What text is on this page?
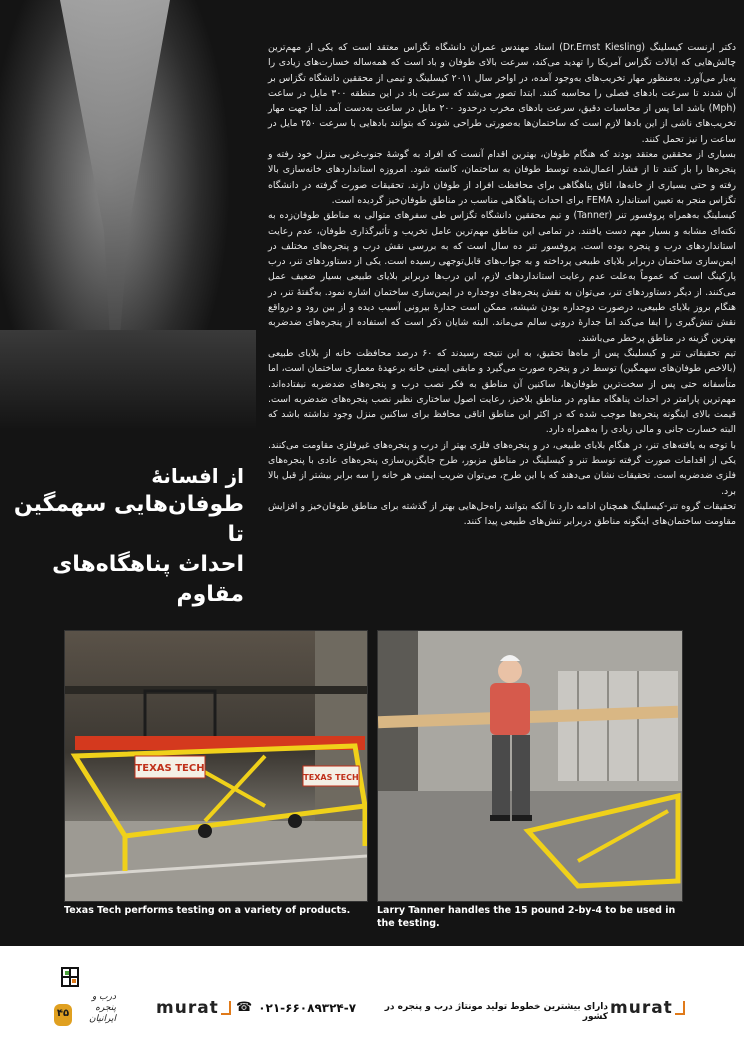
از افسانهٔ
طوفان‌هایی سهمگین تا
احداث پناهگاه‌های مقاوم

دکتر ارنست کیسلینگ (Dr.Ernst Kiesling) استاد مهندس عمران دانشگاه تگزاس معتقد است که یکی از مهم‌ترین چالش‌هایی که ایالات تگزاس آمریکا را تهدید می‌کند، سرعت بالای طوفان و باد است که همه‌ساله خسارت‌های زیادی را به‌بار می‌آورد. به‌منظور مهار تخریب‌های به‌وجود آمده، در اواخر سال ۲۰۱۱ کیسلینگ و تیمی از محققین دانشگاه تگزاس بر آن شدند تا سرعت بادهای فصلی را محاسبه کنند. ابتدا تصور می‌شد که سرعت باد در این منطقه ۳۰۰ مایل در ساعت (Mph) باشد اما پس از محاسبات دقیق، سرعت بادهای مخرب درحدود ۲۰۰ مایل در ساعت به‌دست آمد. لذا جهت مهار تخریب‌های ناشی از این بادها لازم است که ساختمان‌ها به‌صورتی طراحی شوند که بتوانند بادهایی با سرعت ۲۵۰ مایل در ساعت را نیز تحمل کنند.

بسیاری از محققین معتقد بودند که هنگام طوفان، بهترین اقدام آنست که افراد به گوشهٔ جنوب‌غربی منزل خود رفته و پنجره‌ها را باز کنند تا از فشار اعمال‌شده توسط طوفان به ساختمان، کاسته شود. امروزه استانداردهای خانه‌سازی بالا رفته و حتی بسیاری از خانه‌ها، اتاق پناهگاهی برای محافظت افراد از طوفان دارند. تحقیقات صورت گرفته در دانشگاه تگزاس منجر به تعیین استاندارد FEMA برای احداث پناهگاهی مناسب در مناطق طوفان‌خیز گردیده است.

کیسلینگ به‌همراه پروفسور تنر (Tanner) و تیم محققین دانشگاه تگزاس طی سفرهای متوالی به مناطق طوفان‌زده به نکته‌ای مشابه و بسیار مهم دست یافتند. در تمامی این مناطق مهم‌ترین عامل تخریب و تأثیرگذاری طوفان، عدم رعایت استانداردهای درب و پنجره بوده است. پروفسور تنر ده سال است که به بررسی نقش درب و پنجره‌های مختلف در ایمن‌سازی ساختمان دربرابر بلایای طبیعی پرداخته و به جواب‌های قابل‌توجهی رسیده است. یکی از دستاوردهای تنر، درب پارکینگ است که عموماً به‌علت عدم رعایت استانداردهای لازم، این درب‌ها دربرابر بلایای طبیعی بسیار ضعیف عمل می‌کنند. از دیگر دستاوردهای تنر، می‌توان به نقش پنجره‌های دوجداره در ایمن‌سازی ساختمان اشاره نمود. به‌گفتهٔ تنر، در هنگام بروز بلایای طبیعی، درصورت دوجداره بودن شیشه، ممکن است جدارهٔ بیرونی آسیب دیده و از بین رود و درواقع نقش تنش‌گیری را ایفا می‌کند اما جدارهٔ درونی سالم می‌ماند. البته شایان ذکر است که استفاده از پنجره‌های ضدضربه بهترین گزینه در مناطق پرخطر می‌باشند.

تیم تحقیقاتی تنر و کیسلینگ پس از ماه‌ها تحقیق، به این نتیجه رسیدند که ۶۰ درصد محافظت خانه از بلایای طبیعی (بالاخص طوفان‌های سهمگین) توسط در و پنجره صورت می‌گیرد و مابقی ایمنی خانه برعهدهٔ معماری ساختمان است، اما متأسفانه حتی پس از سخت‌ترین طوفان‌ها، ساکنین آن مناطق به فکر نصب درب و پنجره‌های ضدضربه نیفتاده‌اند. مهم‌ترین پارامتر در احداث پناهگاه مقاوم در مناطق بلاخیز، رعایت اصول ساختاری نظیر نصب پنجره‌های ضدضربه است. قیمت بالای اینگونه پنجره‌ها موجب شده که در اکثر این مناطق اتاقی محافظ برای ساکنین منزل وجود نداشته باشد که البته خسارت جانی و مالی زیادی را به‌همراه دارد.

با توجه به یافته‌های تنر، در هنگام بلایای طبیعی، در و پنجره‌های فلزی بهتر از درب و پنجره‌های غیرفلزی مقاومت می‌کنند. یکی از اقدامات صورت گرفته توسط تنر و کیسلینگ در مناطق مزبور، طرح جایگزین‌سازی پنجره‌های عادی با پنجره‌های فلزی ضدضربه است. تحقیقات نشان می‌دهند که با این طرح، می‌توان ضریب ایمنی هر خانه را سه برابر بیشتر از قبل بالا برد.

تحقیقات گروه تنر-کیسلینگ همچنان ادامه دارد تا آنکه بتوانند راه‌حل‌هایی بهتر از گذشته برای مناطق طوفان‌خیز و افزایش مقاومت ساختمان‌های اینگونه مناطق دربرابر تنش‌های طبیعی پیدا کنند.

TEXAS TECH
TEXAS TECH
Texas Tech performs testing on a variety of products.	Larry Tanner handles the 15 pound 2-by-4 to be used in the testing.
۴۵
درب و پنجره ایرانیان
murat ☎ ۰۲۱-۶۶۰۸۹۳۲۴-۷	دارای بیشترین خطوط تولید مونتاژ درب و پنجره در کشور murat
